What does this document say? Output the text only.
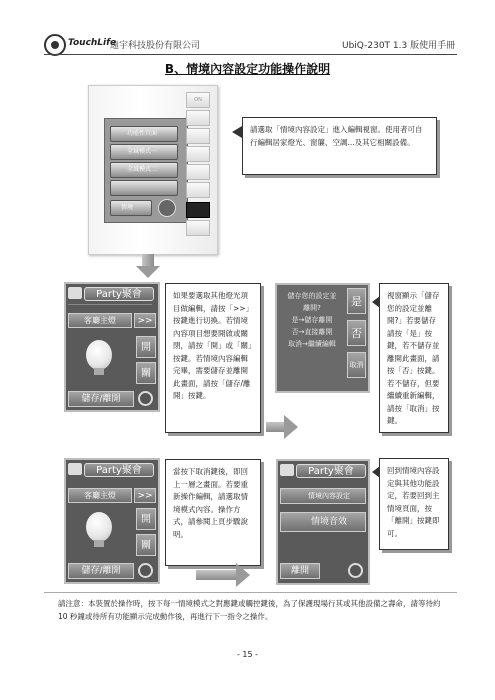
TouchLife
遠宇科技股份有限公司	UbiQ-230T 1.3 版使用手冊
B、情境內容設定功能操作說明
功能性頁面
全域模式一
全域模式二
情境
ON
請選取「情境內容設定」進入編輯視窗。使用者可自行編輯居家燈光、窗簾、空調...及其它相關設備。
Party聚會
客廳主燈	>>
開
關
儲存/離開
如果要選取其他燈光項目做編輯，請按「>>」按鍵進行切換。若情境內容項目想要開啟或關閉，請按「開」或「關」按鍵。若情境內容編輯完畢，需要儲存並離開此畫面，請按「儲存/離開」按鍵。
儲存您的設定並
離開?
是→儲存離開
否→直接離開
取消→繼續編輯
是
否
取消
視窗顯示「儲存您的設定並離開?」若要儲存請按「是」按鍵，若不儲存並離開此畫面，請按「否」按鍵。若不儲存，但要繼續重新編輯，請按「取消」按鍵。
Party聚會
客廳主燈	>>
開
關
儲存/離開
當按下取消鍵後，即回上一層之畫面。若要重新操作編輯，請選取情境模式內容。操作方式，請參閱上頁步驟說明。
Party聚會
情境內容設定
情境音效
離開
回到情境內容設定與其他功能設定，若要回到主情境頁面，按「離開」按鍵即可。
請注意：本裝置於操作時，按下每一情境模式之對應鍵或觸控鍵後，為了保護現場行其或其他設備之壽命，請等待約 10 秒鐘或待所有功能顯示完成動作後，再進行下一指令之操作。
- 15 -
